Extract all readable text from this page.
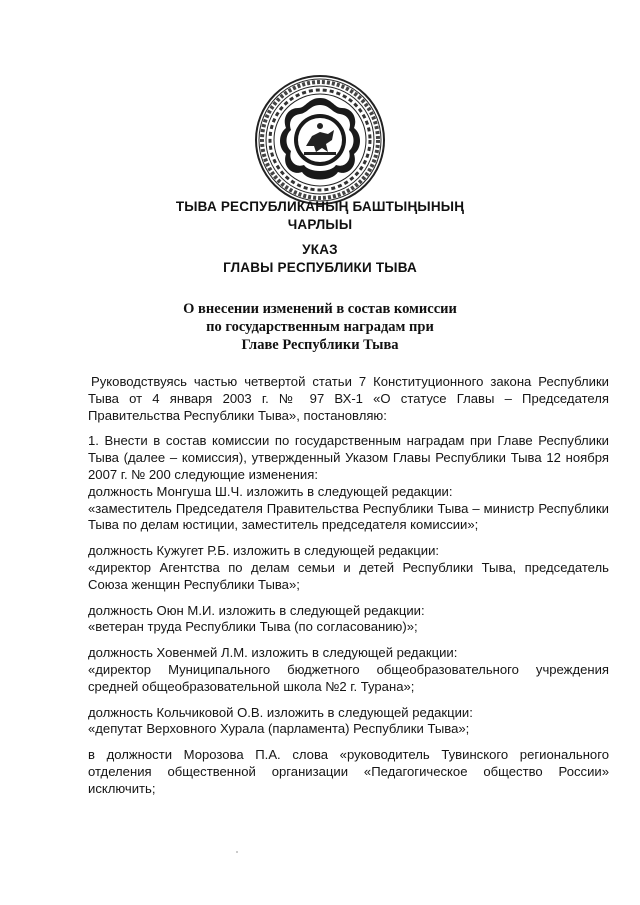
ТЫВА РЕСПУБЛИКАНЫҢ БАШТЫҢЫНЫҢ
ЧАРЛЫЫ
УКАЗ
ГЛАВЫ РЕСПУБЛИКИ ТЫВА
О внесении изменений в состав комиссии
по государственным наградам при
Главе Республики Тыва

Руководствуясь частью четвертой статьи 7 Конституционного закона Республики Тыва от 4 января 2003 г. № 97 ВХ-1 «О статусе Главы – Председателя Правительства Республики Тыва», постановляю:

1. Внести в состав комиссии по государственным наградам при Главе Республики Тыва (далее – комиссия), утвержденный Указом Главы Республики Тыва 12 ноября 2007 г. № 200 следующие изменения:

должность Монгуша Ш.Ч. изложить в следующей редакции:

«заместитель Председателя Правительства Республики Тыва – министр Республики Тыва по делам юстиции, заместитель председателя комиссии»;

должность Кужугет Р.Б. изложить в следующей редакции:

«директор Агентства по делам семьи и детей Республики Тыва, председатель Союза женщин Республики Тыва»;

должность Оюн М.И. изложить в следующей редакции:

«ветеран труда Республики Тыва (по согласованию)»;

должность Ховенмей Л.М. изложить в следующей редакции:

«директор Муниципального бюджетного общеобразовательного учреждения средней общеобразовательной школа №2 г. Турана»;

должность Кольчиковой О.В. изложить в следующей редакции:

«депутат Верховного Хурала (парламента) Республики Тыва»;

в должности Морозова П.А. слова «руководитель Тувинского регионального отделения общественной организации «Педагогическое общество России» исключить;
